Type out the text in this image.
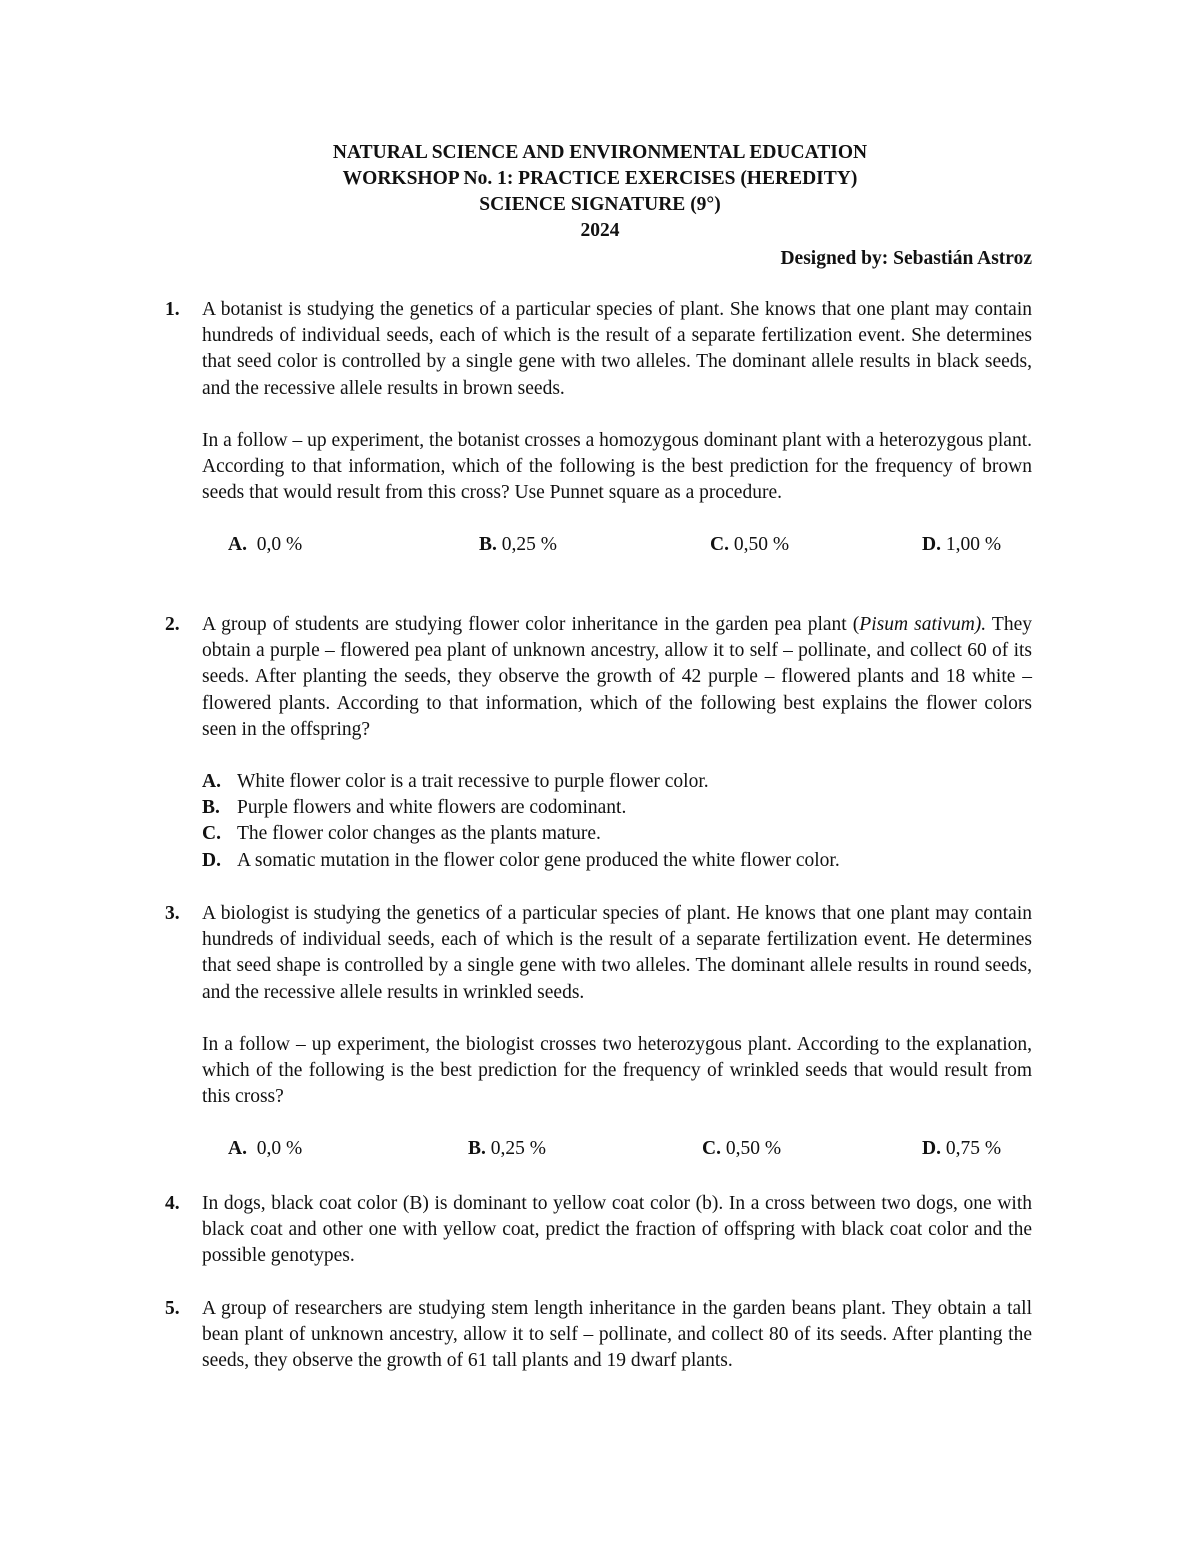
NATURAL SCIENCE AND ENVIRONMENTAL EDUCATION
WORKSHOP No. 1: PRACTICE EXERCISES (HEREDITY)
SCIENCE SIGNATURE (9°)
2024
Designed by: Sebastián Astroz
1. A botanist is studying the genetics of a particular species of plant. She knows that one plant may contain hundreds of individual seeds, each of which is the result of a separate fertilization event. She determines that seed color is controlled by a single gene with two alleles. The dominant allele results in black seeds, and the recessive allele results in brown seeds.

In a follow – up experiment, the botanist crosses a homozygous dominant plant with a heterozygous plant. According to that information, which of the following is the best prediction for the frequency of brown seeds that would result from this cross? Use Punnet square as a procedure.

A. 0,0 %	B. 0,25 %	C. 0,50 %	D. 1,00 %
2. A group of students are studying flower color inheritance in the garden pea plant (Pisum sativum). They obtain a purple – flowered pea plant of unknown ancestry, allow it to self – pollinate, and collect 60 of its seeds. After planting the seeds, they observe the growth of 42 purple – flowered plants and 18 white – flowered plants. According to that information, which of the following best explains the flower colors seen in the offspring?

A. White flower color is a trait recessive to purple flower color.
B. Purple flowers and white flowers are codominant.
C. The flower color changes as the plants mature.
D. A somatic mutation in the flower color gene produced the white flower color.
3. A biologist is studying the genetics of a particular species of plant. He knows that one plant may contain hundreds of individual seeds, each of which is the result of a separate fertilization event. He determines that seed shape is controlled by a single gene with two alleles. The dominant allele results in round seeds, and the recessive allele results in wrinkled seeds.

In a follow – up experiment, the biologist crosses two heterozygous plant. According to the explanation, which of the following is the best prediction for the frequency of wrinkled seeds that would result from this cross?

A. 0,0 %	B. 0,25 %	C. 0,50 %	D. 0,75 %
4. In dogs, black coat color (B) is dominant to yellow coat color (b). In a cross between two dogs, one with black coat and other one with yellow coat, predict the fraction of offspring with black coat color and the possible genotypes.

5. A group of researchers are studying stem length inheritance in the garden beans plant. They obtain a tall bean plant of unknown ancestry, allow it to self – pollinate, and collect 80 of its seeds. After planting the seeds, they observe the growth of 61 tall plants and 19 dwarf plants.
